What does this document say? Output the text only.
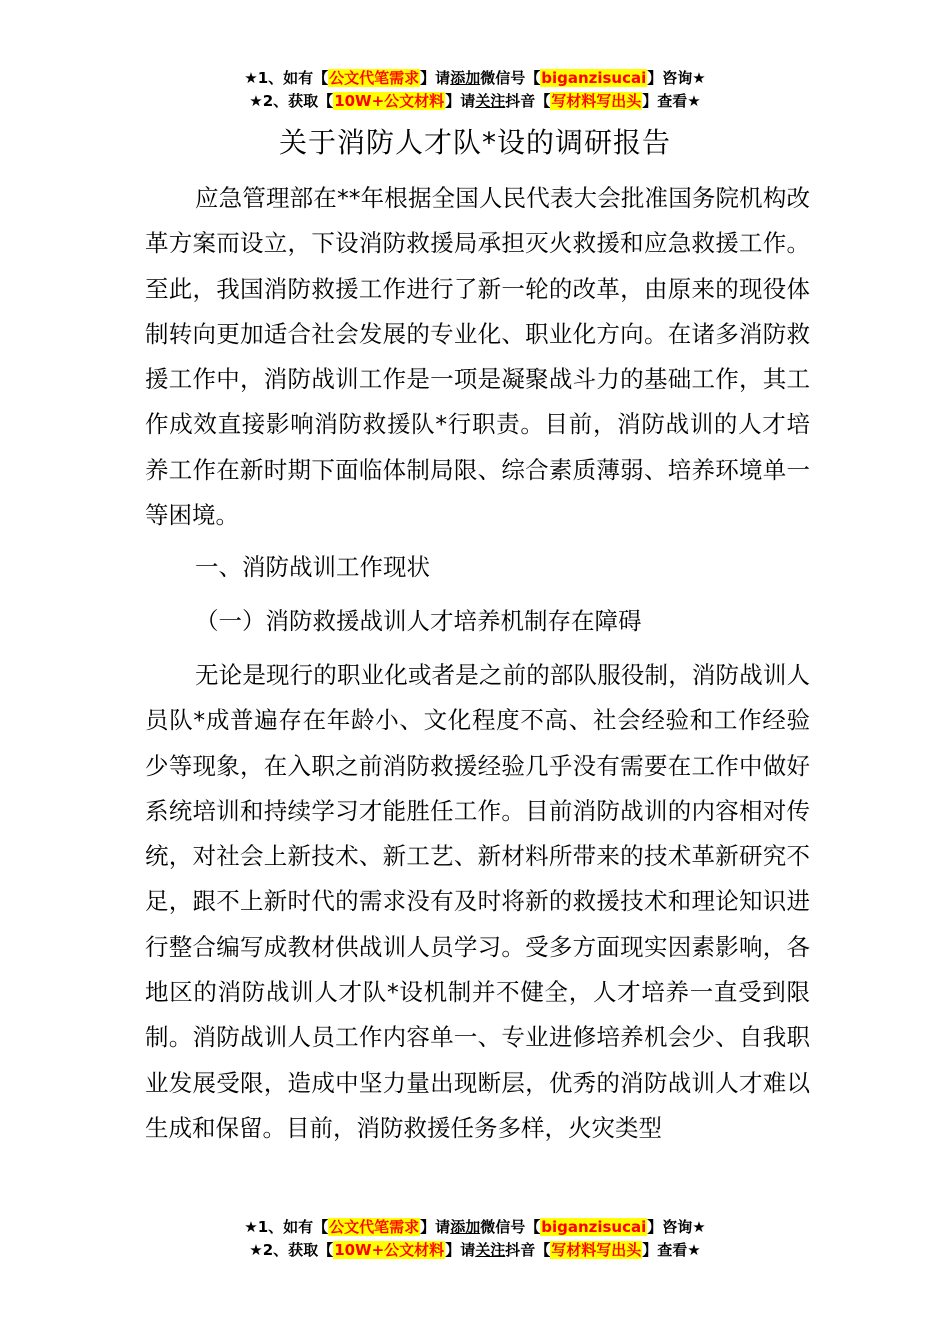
★1、如有【公文代笔需求】请添加微信号【biganzisucai】咨询★
★2、获取【10W+公文材料】请关注抖音【写材料写出头】查看★
关于消防人才队*设的调研报告

应急管理部在**年根据全国人民代表大会批准国务院机构改革方案而设立，下设消防救援局承担灭火救援和应急救援工作。至此，我国消防救援工作进行了新一轮的改革，由原来的现役体制转向更加适合社会发展的专业化、职业化方向。在诸多消防救援工作中，消防战训工作是一项是凝聚战斗力的基础工作，其工作成效直接影响消防救援队*行职责。目前，消防战训的人才培养工作在新时期下面临体制局限、综合素质薄弱、培养环境单一等困境。

一、消防战训工作现状

（一）消防救援战训人才培养机制存在障碍

无论是现行的职业化或者是之前的部队服役制，消防战训人员队*成普遍存在年龄小、文化程度不高、社会经验和工作经验少等现象，在入职之前消防救援经验几乎没有需要在工作中做好系统培训和持续学习才能胜任工作。目前消防战训的内容相对传统，对社会上新技术、新工艺、新材料所带来的技术革新研究不足，跟不上新时代的需求没有及时将新的救援技术和理论知识进行整合编写成教材供战训人员学习。受多方面现实因素影响，各地区的消防战训人才队*设机制并不健全，人才培养一直受到限制。消防战训人员工作内容单一、专业进修培养机会少、自我职业发展受限，造成中坚力量出现断层，优秀的消防战训人才难以生成和保留。目前，消防救援任务多样，火灾类型

★1、如有【公文代笔需求】请添加微信号【biganzisucai】咨询★
★2、获取【10W+公文材料】请关注抖音【写材料写出头】查看★
